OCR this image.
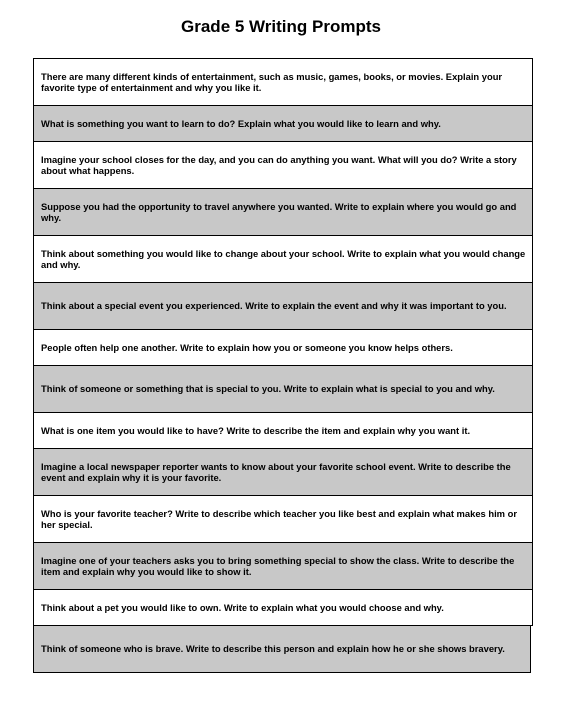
Grade 5 Writing Prompts
There are many different kinds of entertainment, such as music, games, books, or movies. Explain your favorite type of entertainment and why you like it.
What is something you want to learn to do? Explain what you would like to learn and why.
Imagine your school closes for the day, and you can do anything you want. What will you do? Write a story about what happens.
Suppose you had the opportunity to travel anywhere you wanted. Write to explain where you would go and why.
Think about something you would like to change about your school. Write to explain what you would change and why.
Think about a special event you experienced. Write to explain the event and why it was important to you.
People often help one another. Write to explain how you or someone you know helps others.
Think of someone or something that is special to you. Write to explain what is special to you and why.
What is one item you would like to have? Write to describe the item and explain why you want it.
Imagine a local newspaper reporter wants to know about your favorite school event. Write to describe the event and explain why it is your favorite.
Who is your favorite teacher? Write to describe which teacher you like best and explain what makes him or her special.
Imagine one of your teachers asks you to bring something special to show the class. Write to describe the item and explain why you would like to show it.
Think about a pet you would like to own. Write to explain what you would choose and why.
Think of someone who is brave. Write to describe this person and explain how he or she shows bravery.
